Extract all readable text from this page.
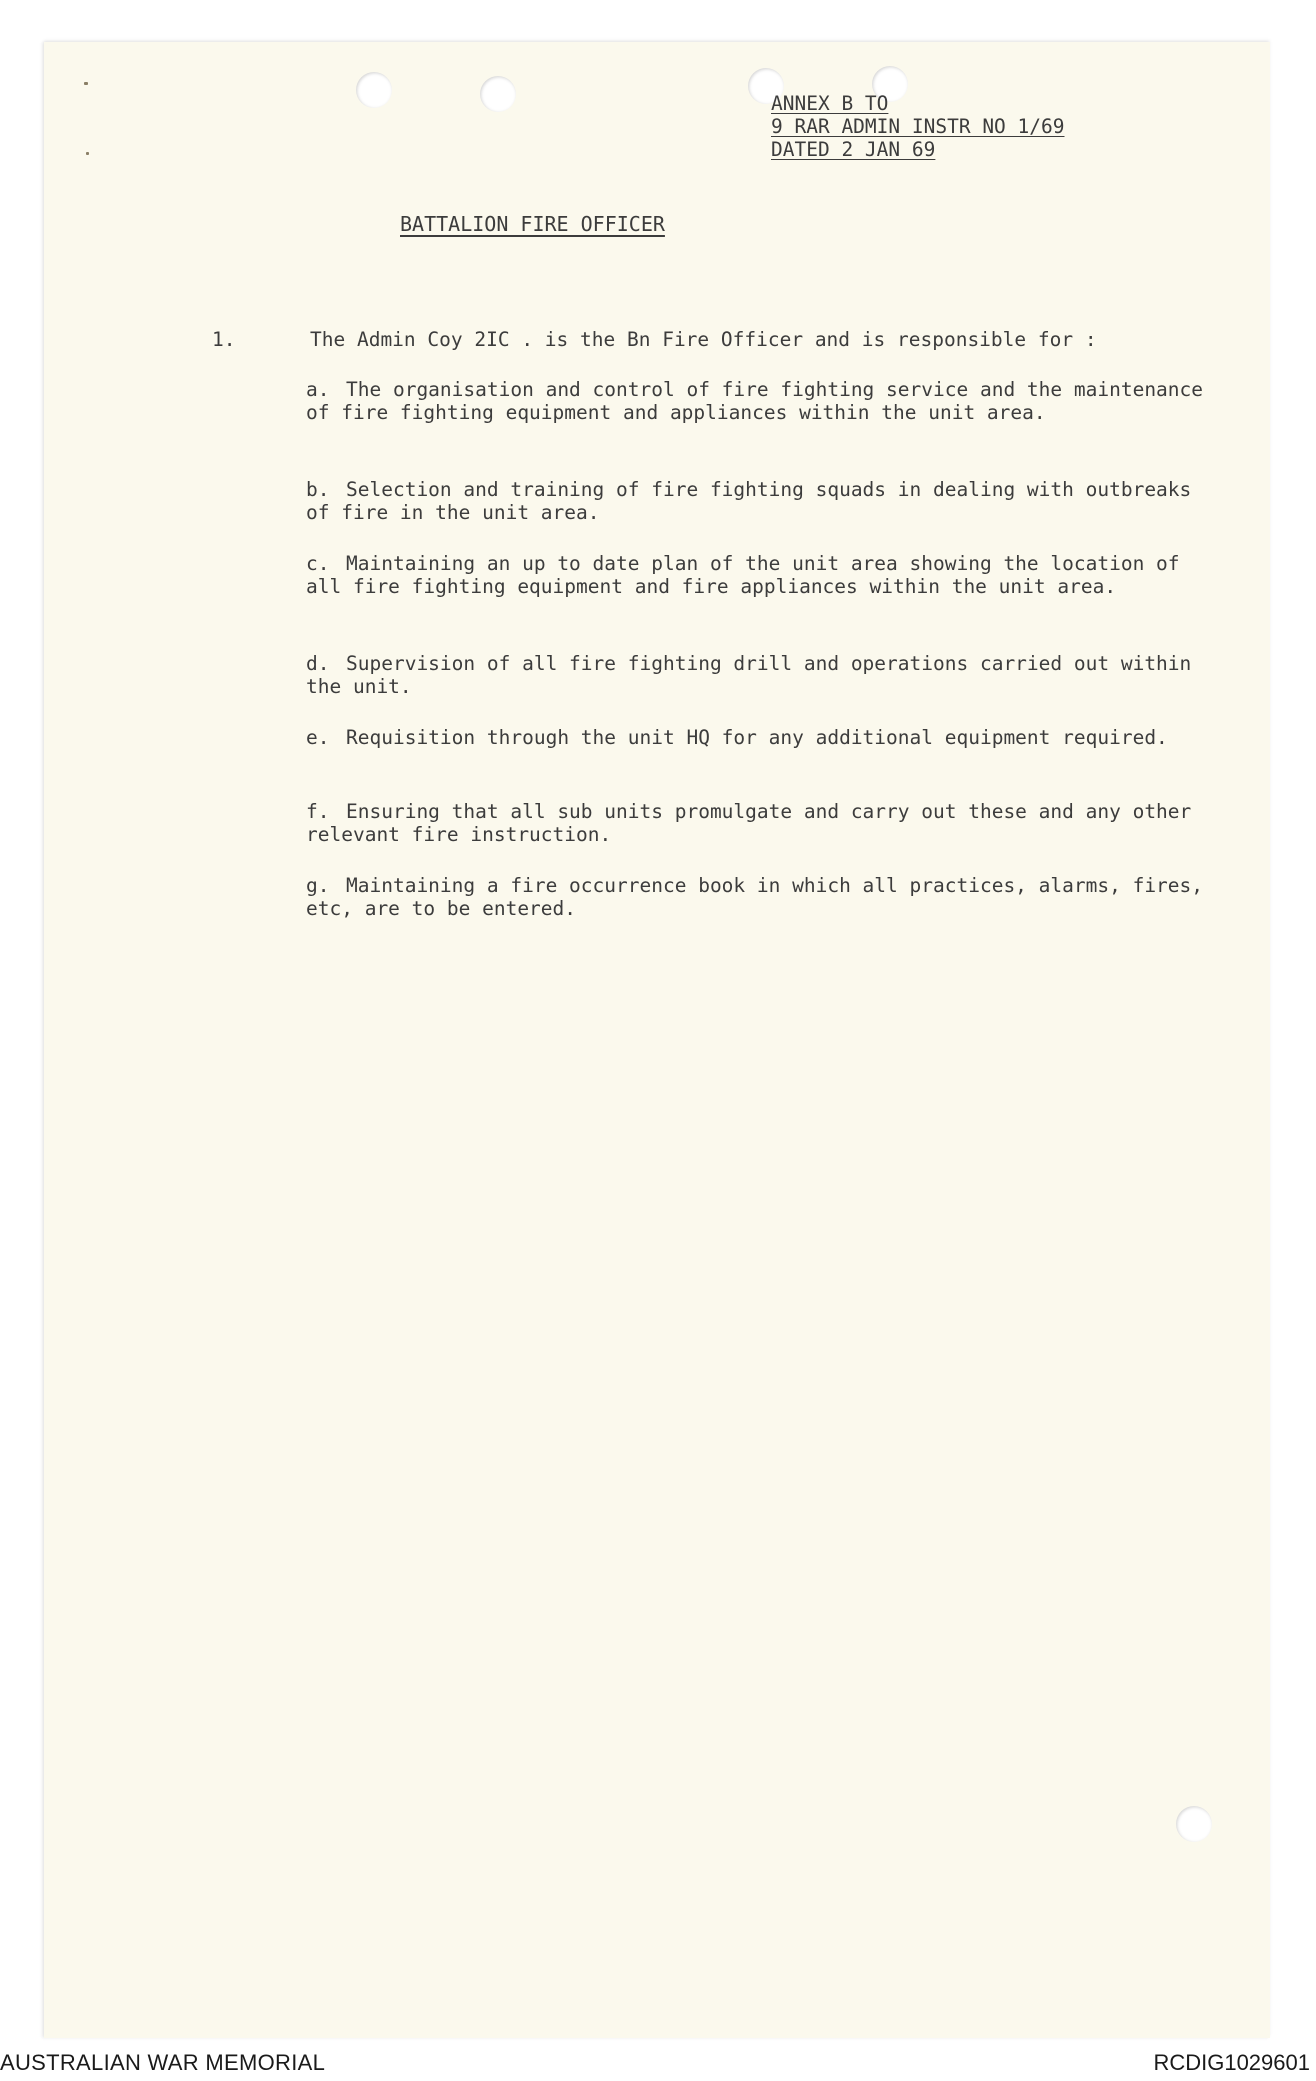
ANNEX B TO
9 RAR ADMIN INSTR NO 1/69
DATED 2 JAN 69
BATTALION FIRE OFFICER
1.	The Admin Coy 2IC . is the Bn Fire Officer and is responsible for :
a. The organisation and control of fire fighting service and the maintenance of fire fighting equipment and appliances within the unit area.
b. Selection and training of fire fighting squads in dealing with outbreaks of fire in the unit area.
c. Maintaining an up to date plan of the unit area showing the location of all fire fighting equipment and fire appliances within the unit area.
d. Supervision of all fire fighting drill and operations carried out within the unit.
e. Requisition through the unit HQ for any additional equipment required.
f. Ensuring that all sub units promulgate and carry out these and any other relevant fire instruction.
g. Maintaining a fire occurrence book in which all practices, alarms, fires, etc, are to be entered.
AUSTRALIAN WAR MEMORIAL	RCDIG1029601
